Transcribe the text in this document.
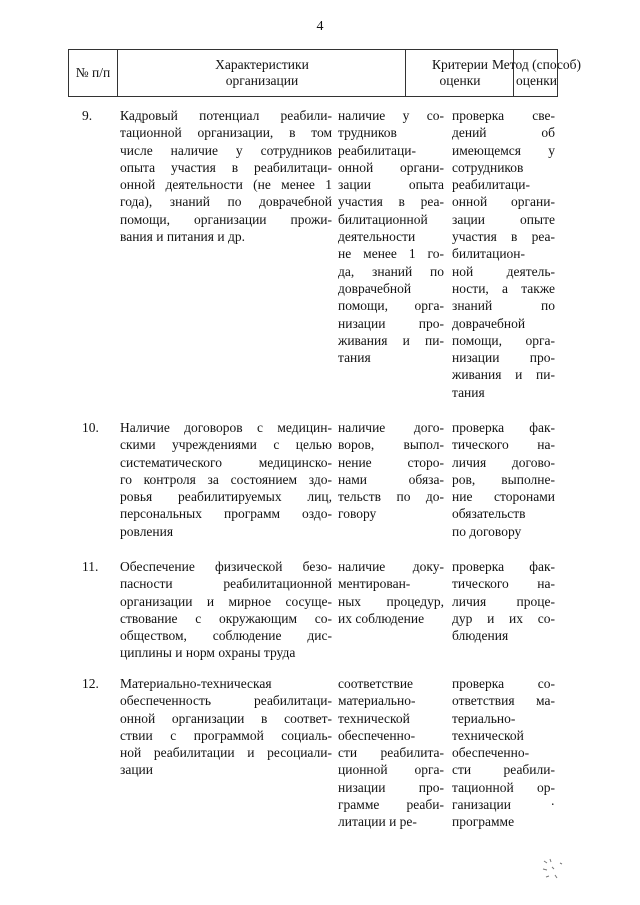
4
№ п/п
Характеристики
организации
Критерии
оценки
Метод (способ)
оценки
9. Кадровый потенциал реабили-
тационной организации, в том
числе наличие у сотрудников
опыта участия в реабилитаци-
онной деятельности (не менее 1
года), знаний по доврачебной
помощи, организации прожи-
вания и питания и др.
наличие у со-
трудников
реабилитаци-
онной органи-
зации опыта
участия в реа-
билитационной
деятельности
не менее 1 го-
да, знаний по
доврачебной
помощи, орга-
низации про-
живания и пи-
тания
проверка све-
дений об
имеющемся у
сотрудников
реабилитаци-
онной органи-
зации опыте
участия в реа-
билитацион-
ной деятель-
ности, а также
знаний по
доврачебной
помощи, орга-
низации про-
живания и пи-
тания
10. Наличие договоров с медицин-
скими учреждениями с целью
систематического медицинско-
го контроля за состоянием здо-
ровья реабилитируемых лиц,
персональных программ оздо-
ровления
наличие дого-
воров, выпол-
нение сторо-
нами обяза-
тельств по до-
говору
проверка фак-
тического на-
личия догово-
ров, выполне-
ние сторонами
обязательств
по договору
11. Обеспечение физической безо-
пасности реабилитационной
организации и мирное сосуще-
ствование с окружающим со-
обществом, соблюдение дис-
циплины и норм охраны труда
наличие доку-
ментирован-
ных процедур,
их соблюдение
проверка фак-
тического на-
личия проце-
дур и их со-
блюдения
12. Материально-техническая
обеспеченность реабилитаци-
онной организации в соответ-
ствии с программой социаль-
ной реабилитации и ресоциали-
зации
соответствие
материально-
технической
обеспеченно-
сти реабилита-
ционной орга-
низации про-
грамме реаби-
литации и ре-
проверка со-
ответствия ма-
териально-
технической
обеспеченно-
сти реабили-
тационной ор-
ганизации ·
программе
